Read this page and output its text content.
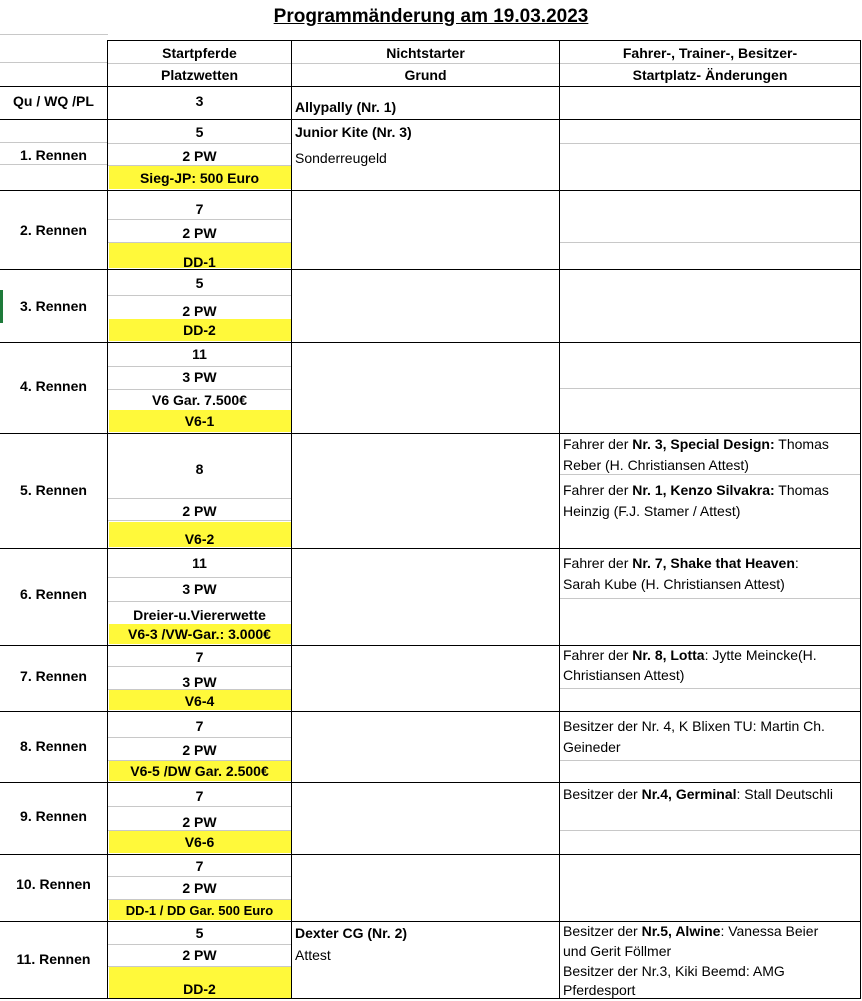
Programmänderung am 19.03.2023
Startpferde
Platzwetten
Nichtstarter
Grund
Fahrer-, Trainer-, Besitzer-
Startplatz- Änderungen
Qu / WQ /PL	3	Allypally (Nr. 1)
1. Rennen
5
2 PW
Sieg-JP: 500 Euro
Junior Kite (Nr. 3)
Sonderreugeld
2. Rennen
7
2 PW
DD-1
3. Rennen
5
2 PW
DD-2
4. Rennen
11
3 PW
V6 Gar. 7.500€
V6-1
5. Rennen
8
2 PW
V6-2
Fahrer der Nr. 3, Special Design: Thomas
Reber (H. Christiansen Attest)
Fahrer der Nr. 1, Kenzo Silvakra: Thomas
Heinzig (F.J. Stamer / Attest)
6. Rennen
11
3 PW
Dreier-u.Viererwette
V6-3 /VW-Gar.: 3.000€
Fahrer der Nr. 7, Shake that Heaven:
Sarah Kube (H. Christiansen Attest)
7. Rennen
7
3 PW
V6-4
Fahrer der Nr. 8, Lotta: Jytte Meincke(H.
Christiansen Attest)
8. Rennen
7
2 PW
V6-5 /DW Gar. 2.500€
Besitzer der Nr. 4, K Blixen TU: Martin Ch.
Geineder
9. Rennen
7
2 PW
V6-6
Besitzer der Nr.4, Germinal: Stall Deutschli
10. Rennen
7
2 PW
DD-1 / DD Gar. 500 Euro
11. Rennen
5
2 PW
DD-2
Dexter CG (Nr. 2)
Attest
Besitzer der Nr.5, Alwine: Vanessa Beier
und Gerit Föllmer
Besitzer der Nr.3, Kiki Beemd: AMG
Pferdesport
